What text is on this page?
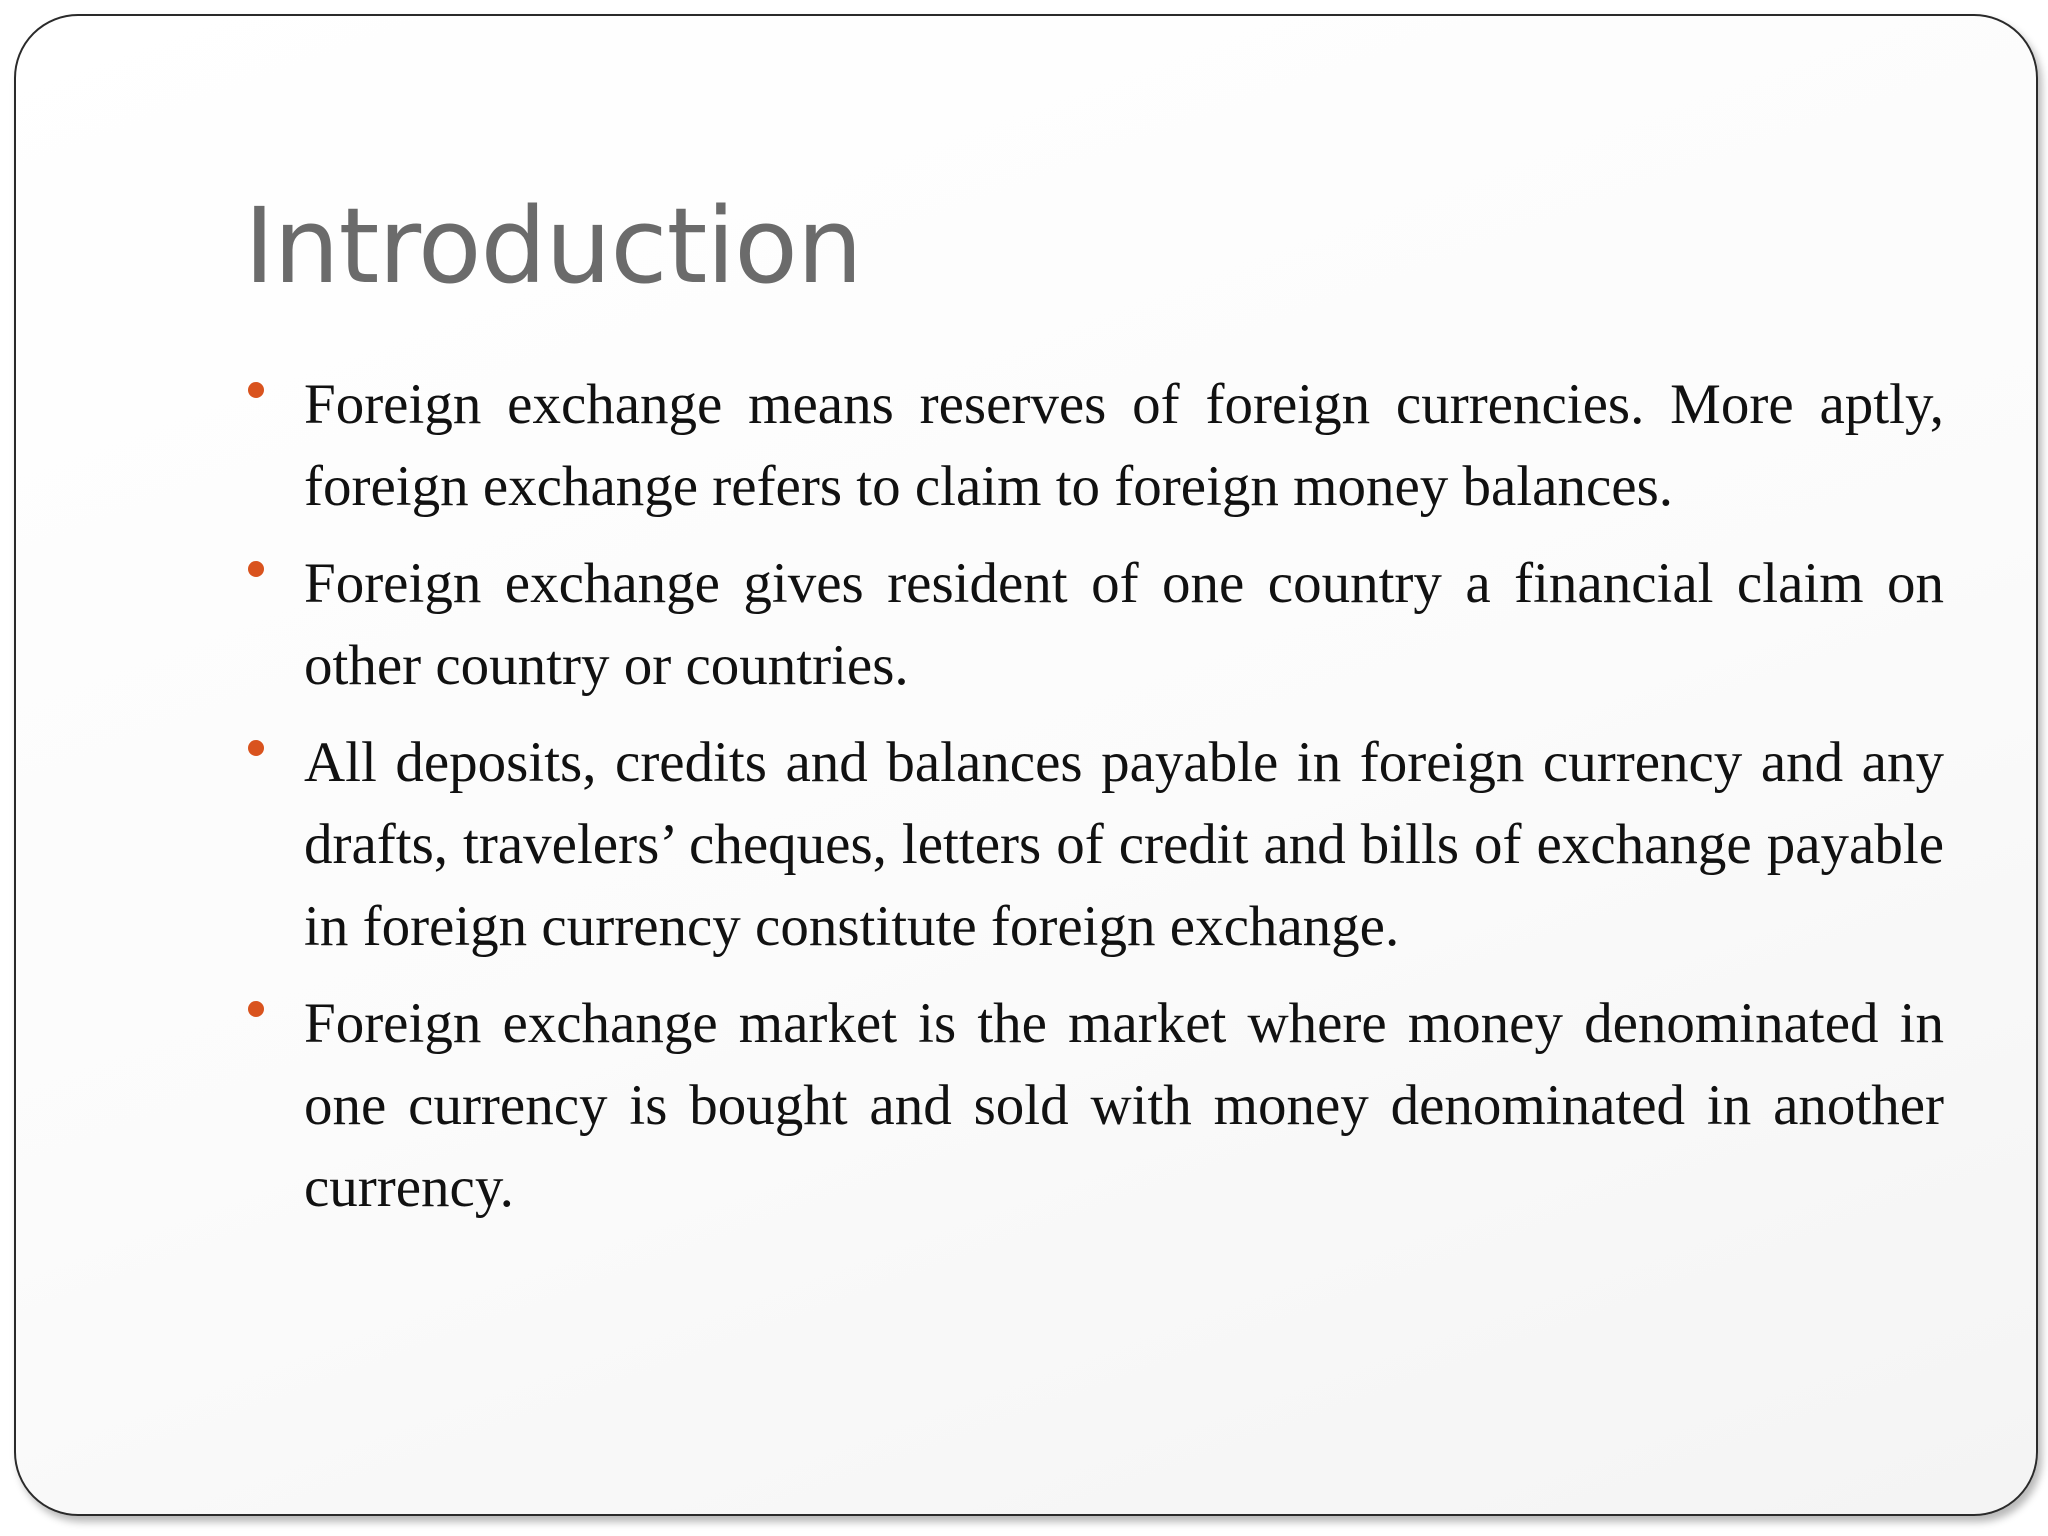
Introduction
Foreign exchange means reserves of foreign currencies. More aptly, foreign exchange refers to claim to foreign money balances.
Foreign exchange gives resident of one country a financial claim on other country or countries.
All deposits, credits and balances payable in foreign currency and any drafts, travelers’ cheques, letters of credit and bills of exchange payable in foreign currency constitute foreign exchange.
Foreign exchange market is the market where money denominated in one currency is bought and sold with money denominated in another currency.
